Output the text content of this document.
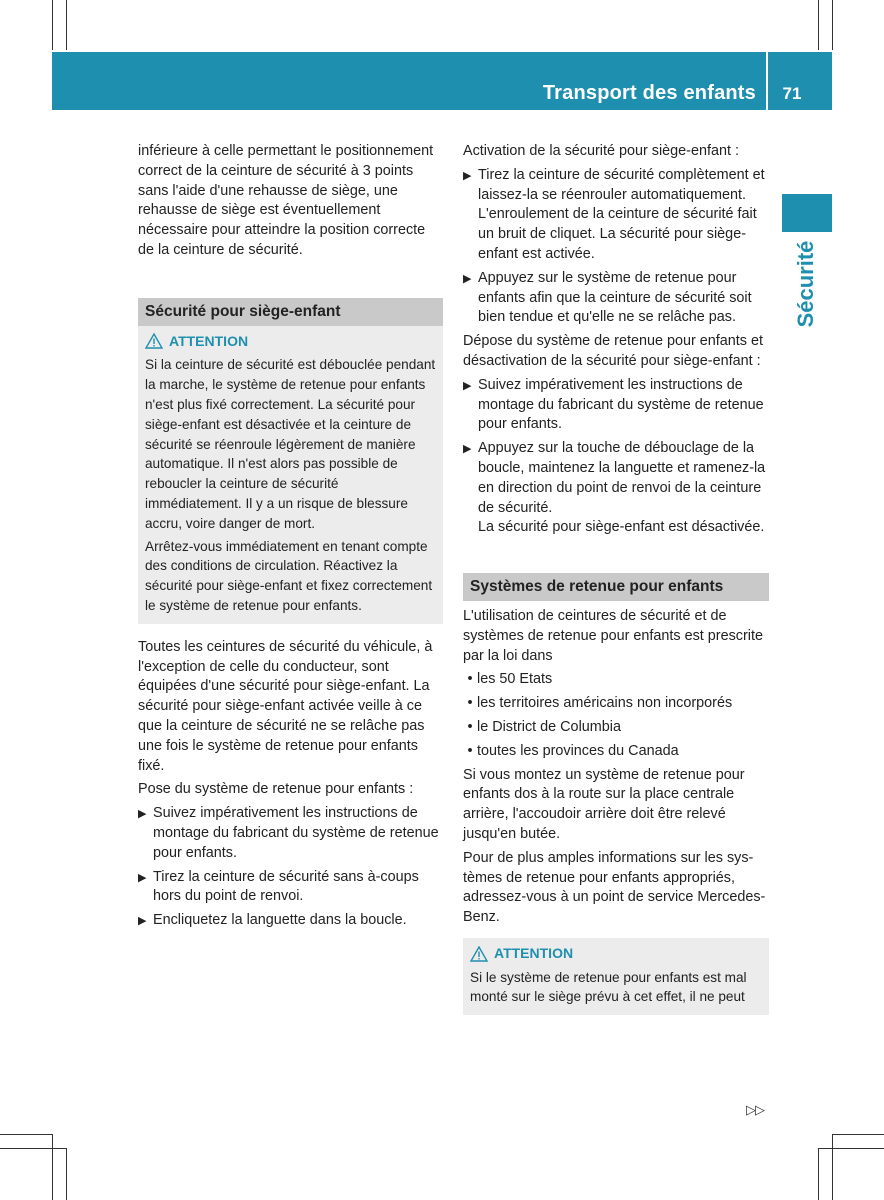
Transport des enfants	71
Sécurité

inférieure à celle permettant le positionnement correct de la ceinture de sécurité à 3 points sans l'aide d'une rehausse de siège, une rehausse de siège est éventuellement nécessaire pour atteindre la position correcte de la ceinture de sécurité.

Sécurité pour siège-enfant
ATTENTION

Si la ceinture de sécurité est débouclée pendant la marche, le système de retenue pour enfants n'est plus fixé correctement. La sécurité pour siège-enfant est désactivée et la ceinture de sécurité se réenroule légèrement de manière automatique. Il n'est alors pas possible de reboucler la ceinture de sécurité immédiatement. Il y a un risque de blessure accru, voire danger de mort.

Arrêtez-vous immédiatement en tenant compte des conditions de circulation. Réactivez la sécurité pour siège-enfant et fixez correctement le système de retenue pour enfants.

Toutes les ceintures de sécurité du véhicule, à l'exception de celle du conducteur, sont équipées d'une sécurité pour siège-enfant. La sécurité pour siège-enfant activée veille à ce que la ceinture de sécurité ne se relâche pas une fois le système de retenue pour enfants fixé.

Pose du système de retenue pour enfants :

▶ Suivez impérativement les instructions de montage du fabricant du système de retenue pour enfants.
▶ Tirez la ceinture de sécurité sans à-coups hors du point de renvoi.
▶ Encliquetez la languette dans la boucle.

Activation de la sécurité pour siège-enfant :

▶ Tirez la ceinture de sécurité complètement et laissez-la se réenrouler automatiquement.
L'enroulement de la ceinture de sécurité fait un bruit de cliquet. La sécurité pour siège-enfant est activée.
▶ Appuyez sur le système de retenue pour enfants afin que la ceinture de sécurité soit bien tendue et qu'elle ne se relâche pas.

Dépose du système de retenue pour enfants et désactivation de la sécurité pour siège-enfant :

▶ Suivez impérativement les instructions de montage du fabricant du système de retenue pour enfants.
▶ Appuyez sur la touche de débouclage de la boucle, maintenez la languette et ramenez-la en direction du point de renvoi de la ceinture de sécurité.
La sécurité pour siège-enfant est désactivée.
Systèmes de retenue pour enfants

L'utilisation de ceintures de sécurité et de systèmes de retenue pour enfants est prescrite par la loi dans

• les 50 Etats
• les territoires américains non incorporés
• le District de Columbia
• toutes les provinces du Canada

Si vous montez un système de retenue pour enfants dos à la route sur la place centrale arrière, l'accoudoir arrière doit être relevé jusqu'en butée.

Pour de plus amples informations sur les systèmes de retenue pour enfants appropriés, adressez-vous à un point de service Mercedes-Benz.

ATTENTION

Si le système de retenue pour enfants est mal monté sur le siège prévu à cet effet, il ne peut

▷▷
